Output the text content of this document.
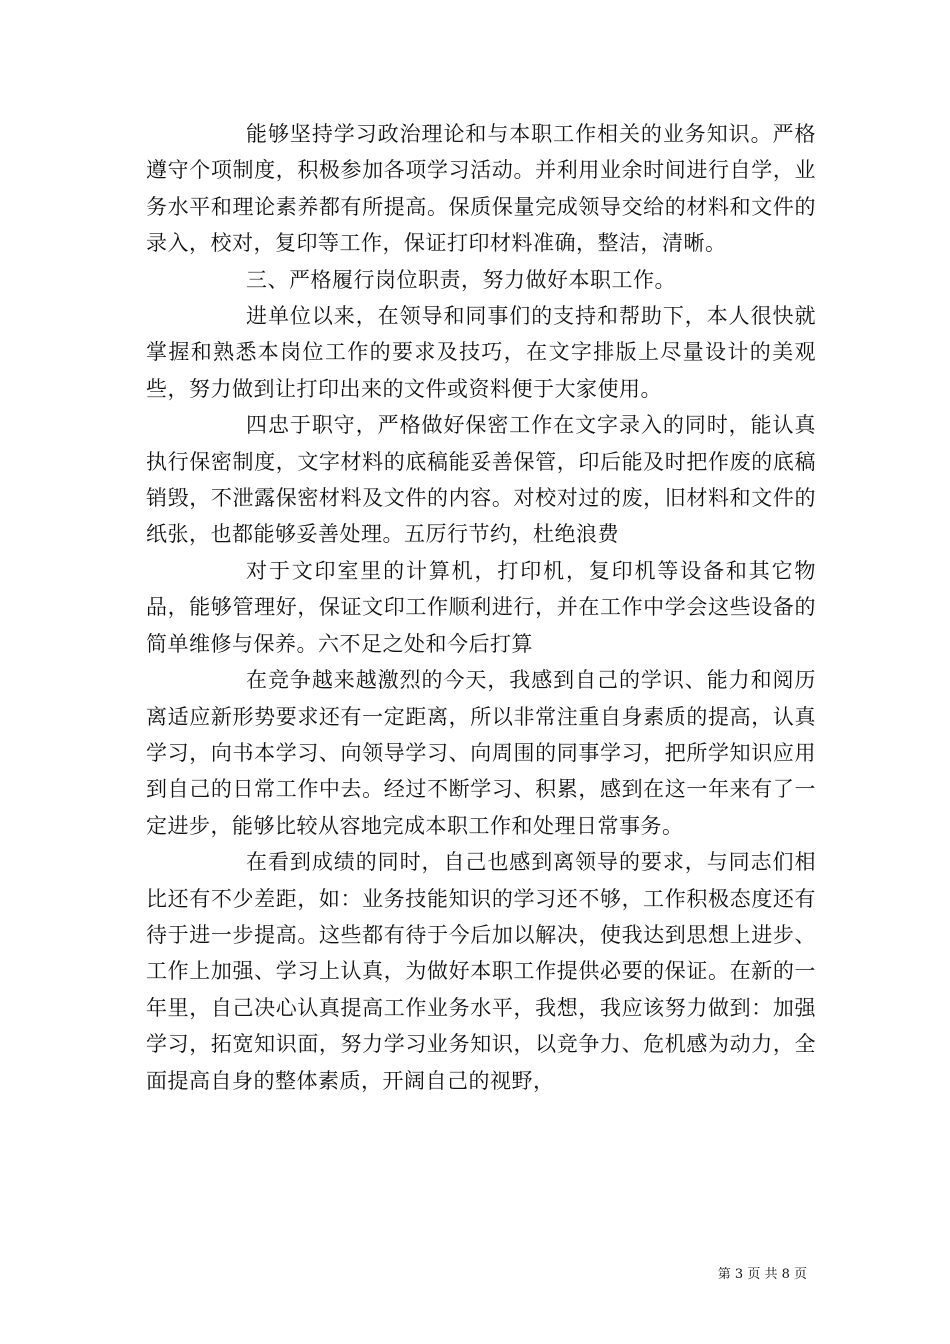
能够坚持学习政治理论和与本职工作相关的业务知识。严格遵守个项制度，积极参加各项学习活动。并利用业余时间进行自学，业务水平和理论素养都有所提高。保质保量完成领导交给的材料和文件的录入，校对，复印等工作，保证打印材料准确，整洁，清晰。

三、严格履行岗位职责，努力做好本职工作。

进单位以来，在领导和同事们的支持和帮助下，本人很快就掌握和熟悉本岗位工作的要求及技巧，在文字排版上尽量设计的美观些，努力做到让打印出来的文件或资料便于大家使用。

四忠于职守，严格做好保密工作在文字录入的同时，能认真执行保密制度，文字材料的底稿能妥善保管，印后能及时把作废的底稿销毁，不泄露保密材料及文件的内容。对校对过的废，旧材料和文件的纸张，也都能够妥善处理。五厉行节约，杜绝浪费

对于文印室里的计算机，打印机，复印机等设备和其它物品，能够管理好，保证文印工作顺利进行，并在工作中学会这些设备的简单维修与保养。六不足之处和今后打算

在竞争越来越激烈的今天，我感到自己的学识、能力和阅历离适应新形势要求还有一定距离，所以非常注重自身素质的提高，认真学习，向书本学习、向领导学习、向周围的同事学习，把所学知识应用到自己的日常工作中去。经过不断学习、积累，感到在这一年来有了一定进步，能够比较从容地完成本职工作和处理日常事务。

在看到成绩的同时，自己也感到离领导的要求，与同志们相比还有不少差距，如：业务技能知识的学习还不够，工作积极态度还有待于进一步提高。这些都有待于今后加以解决，使我达到思想上进步、工作上加强、学习上认真，为做好本职工作提供必要的保证。在新的一年里，自己决心认真提高工作业务水平，我想，我应该努力做到：加强学习，拓宽知识面，努力学习业务知识，以竞争力、危机感为动力，全面提高自身的整体素质，开阔自己的视野，

第 3 页 共 8 页
